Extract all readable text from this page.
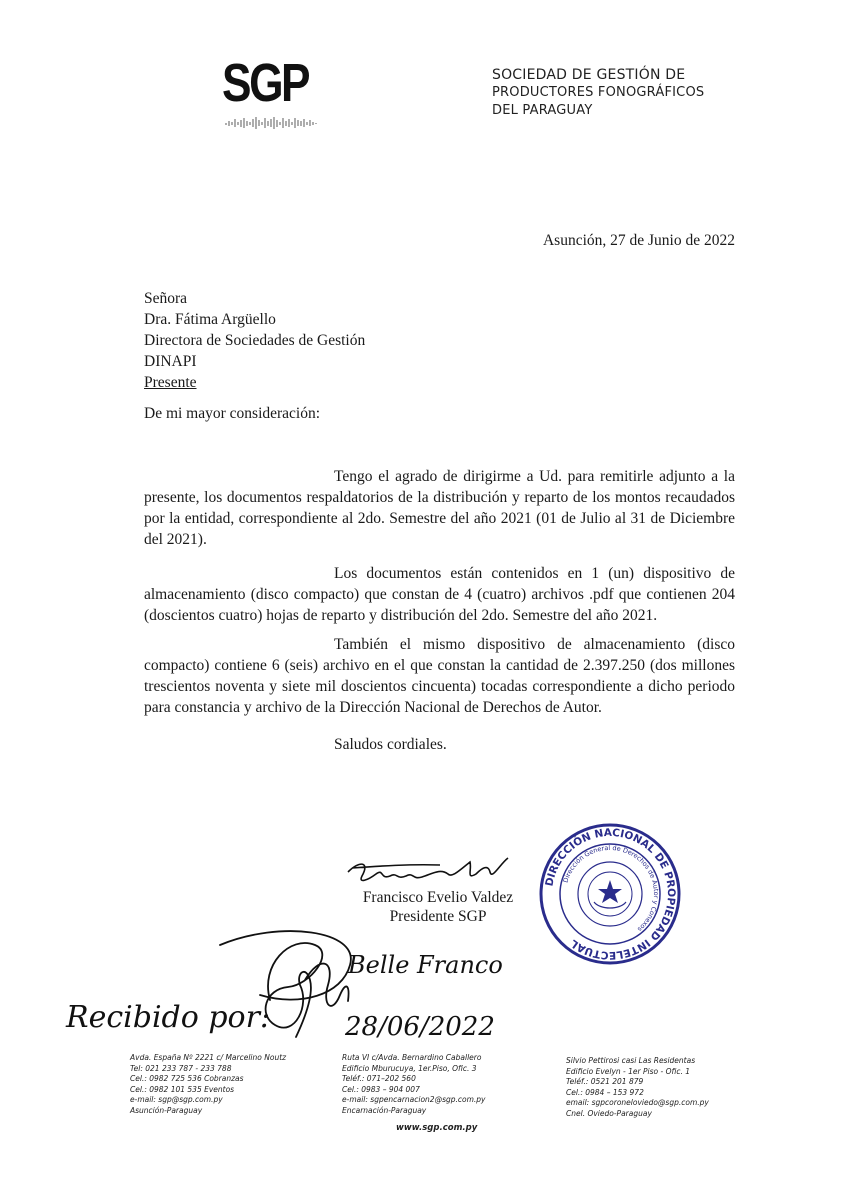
SGP	SOCIEDAD DE GESTIÓN DE
PRODUCTORES FONOGRÁFICOS
DEL PARAGUAY
Asunción, 27 de Junio de 2022
Señora
Dra. Fátima Argüello
Directora de Sociedades de Gestión
DINAPI
Presente
De mi mayor consideración:
Tengo el agrado de dirigirme a Ud. para remitirle adjunto a la presente, los documentos respaldatorios de la distribución y reparto de los montos recaudados por la entidad, correspondiente al 2do. Semestre del año 2021 (01 de Julio al 31 de Diciembre del 2021).
Los documentos están contenidos en 1 (un) dispositivo de almacenamiento (disco compacto) que constan de 4 (cuatro) archivos .pdf que contienen 204 (doscientos cuatro) hojas de reparto y distribución del 2do. Semestre del año 2021.
También el mismo dispositivo de almacenamiento (disco compacto) contiene 6 (seis) archivo en el que constan la cantidad de 2.397.250 (dos millones trescientos noventa y siete mil doscientos cincuenta) tocadas correspondiente a dicho periodo para constancia y archivo de la Dirección Nacional de Derechos de Autor.
Saludos cordiales.
Francisco Evelio Valdez
Presidente SGP
DIRECCIÓN NACIONAL DE PROPIEDAD INTELECTUAL
Dirección General de Derechos de Autor y Conexos
Recibido por:
Belle Franco
28/06/2022
Avda. España Nº 2221 c/ Marcelino Noutz
Tel: 021 233 787 - 233 788
Cel.: 0982 725 536 Cobranzas
Cel.: 0982 101 535 Eventos
e-mail: sgp@sgp.com.py
Asunción-Paraguay
Ruta VI c/Avda. Bernardino Caballero
Edificio Mburucuya, 1er.Piso, Ofic. 3
Teléf.: 071–202 560
Cel.: 0983 – 904 007
e-mail: sgpencarnacion2@sgp.com.py
Encarnación-Paraguay
Silvio Pettirosi casi Las Residentas
Edificio Evelyn - 1er Piso - Ofic. 1
Teléf.: 0521 201 879
Cel.: 0984 – 153 972
email: sgpcoroneloviedo@sgp.com.py
Cnel. Oviedo-Paraguay
www.sgp.com.py
